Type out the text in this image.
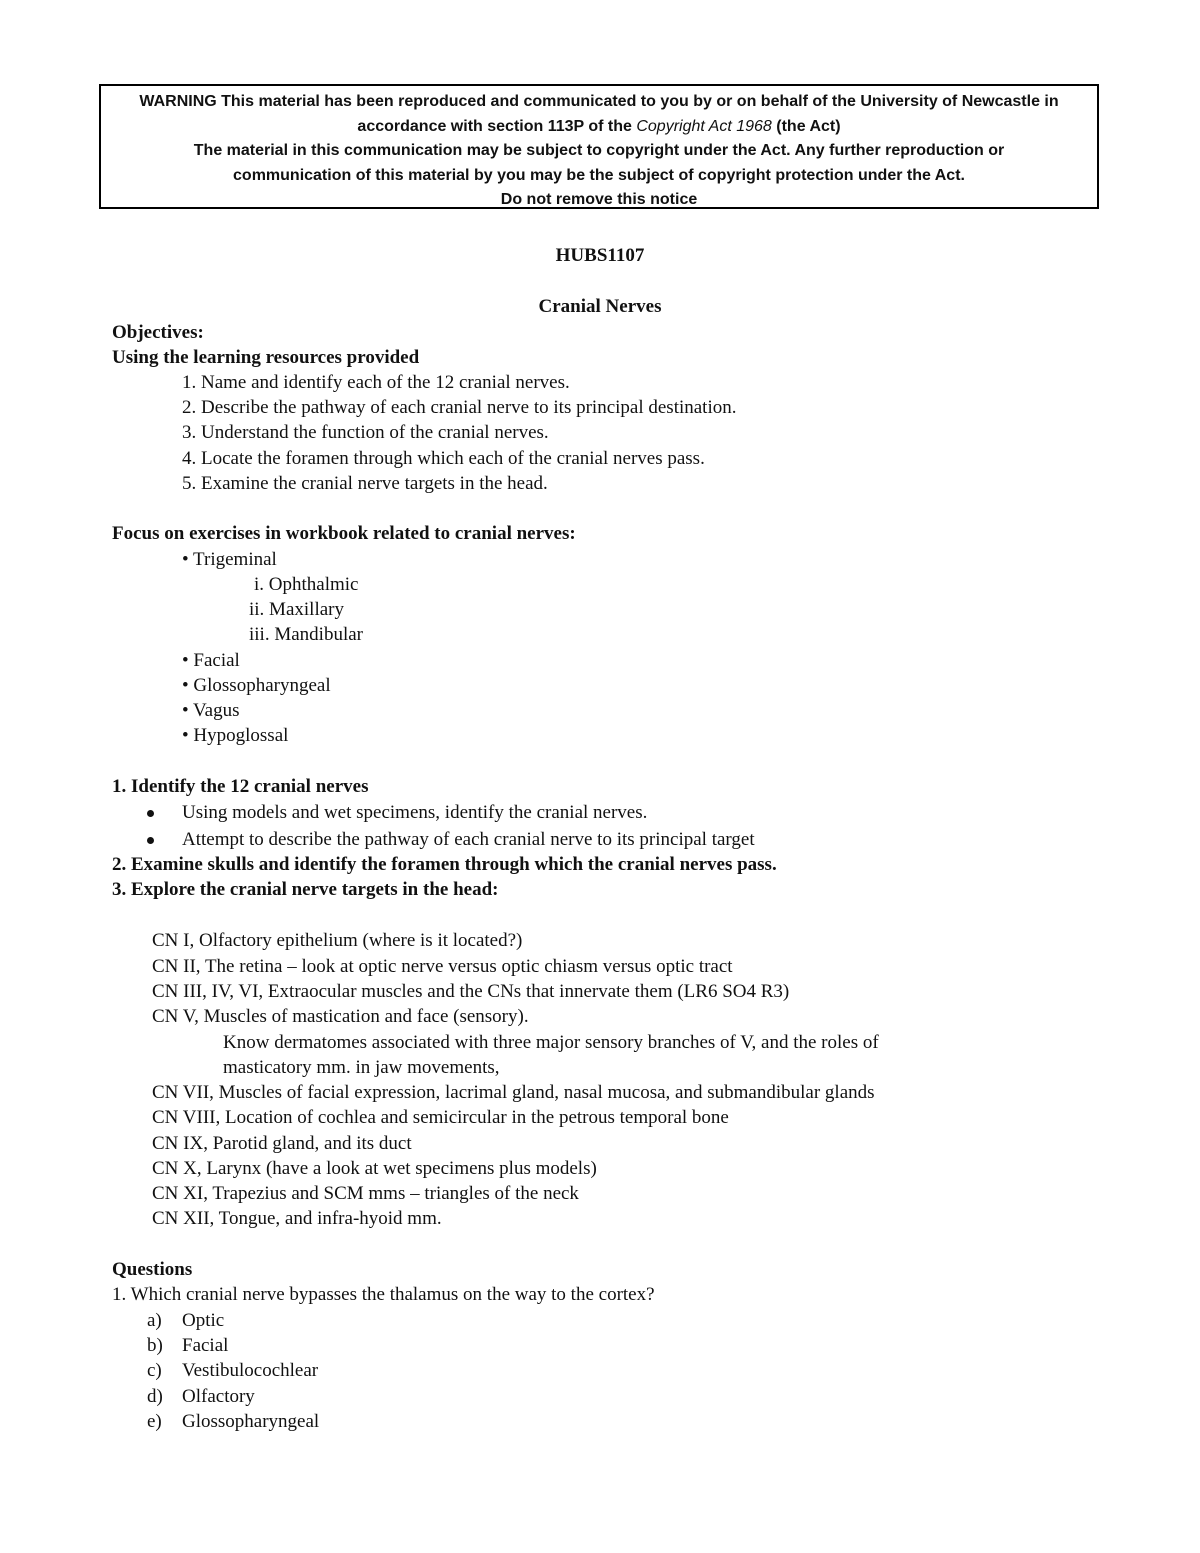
WARNING This material has been reproduced and communicated to you by or on behalf of the University of Newcastle in
accordance with section 113P of the Copyright Act 1968 (the Act)
The material in this communication may be subject to copyright under the Act. Any further reproduction or
communication of this material by you may be the subject of copyright protection under the Act.
Do not remove this notice
HUBS1107
Cranial Nerves
Objectives:
Using the learning resources provided
1. Name and identify each of the 12 cranial nerves.
2. Describe the pathway of each cranial nerve to its principal destination.
3. Understand the function of the cranial nerves.
4. Locate the foramen through which each of the cranial nerves pass.
5. Examine the cranial nerve targets in the head.
Focus on exercises in workbook related to cranial nerves:
• Trigeminal
i. Ophthalmic
ii. Maxillary
iii. Mandibular
• Facial
• Glossopharyngeal
• Vagus
• Hypoglossal
1. Identify the 12 cranial nerves
Using models and wet specimens, identify the cranial nerves.
Attempt to describe the pathway of each cranial nerve to its principal target
2. Examine skulls and identify the foramen through which the cranial nerves pass.
3. Explore the cranial nerve targets in the head:
CN I, Olfactory epithelium (where is it located?)
CN II, The retina – look at optic nerve versus optic chiasm versus optic tract
CN III, IV, VI, Extraocular muscles and the CNs that innervate them (LR6 SO4 R3)
CN V, Muscles of mastication and face (sensory).
Know dermatomes associated with three major sensory branches of V, and the roles of
masticatory mm. in jaw movements,
CN VII, Muscles of facial expression, lacrimal gland, nasal mucosa, and submandibular glands
CN VIII, Location of cochlea and semicircular in the petrous temporal bone
CN IX, Parotid gland, and its duct
CN X, Larynx (have a look at wet specimens plus models)
CN XI, Trapezius and SCM mms – triangles of the neck
CN XII, Tongue, and infra-hyoid mm.
Questions
1. Which cranial nerve bypasses the thalamus on the way to the cortex?
a) Optic
b) Facial
c) Vestibulocochlear
d) Olfactory
e) Glossopharyngeal
